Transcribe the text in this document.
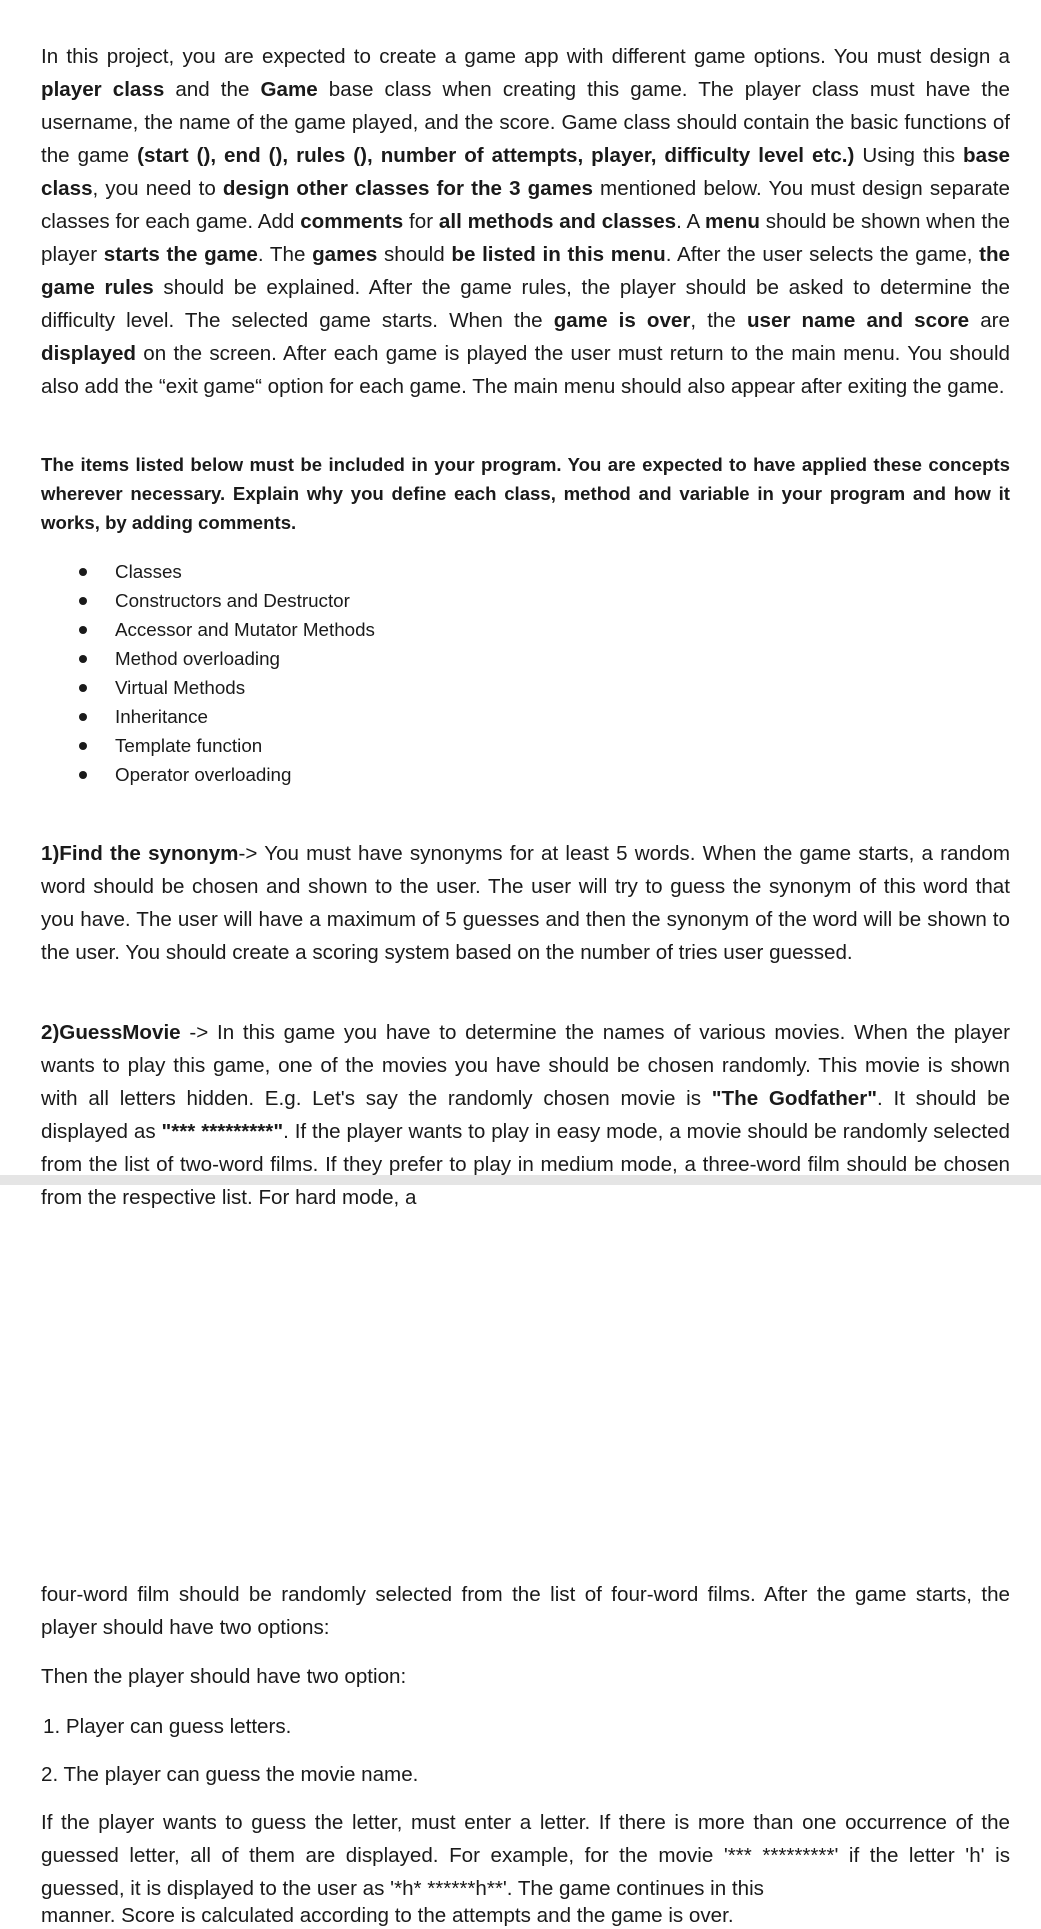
In this project, you are expected to create a game app with different game options. You must design a player class and the Game base class when creating this game. The player class must have the username, the name of the game played, and the score. Game class should contain the basic functions of the game (start (), end (), rules (), number of attempts, player, difficulty level etc.) Using this base class, you need to design other classes for the 3 games mentioned below. You must design separate classes for each game. Add comments for all methods and classes. A menu should be shown when the player starts the game. The games should be listed in this menu. After the user selects the game, the game rules should be explained. After the game rules, the player should be asked to determine the difficulty level. The selected game starts. When the game is over, the user name and score are displayed on the screen. After each game is played the user must return to the main menu. You should also add the “exit game“ option for each game. The main menu should also appear after exiting the game.

The items listed below must be included in your program. You are expected to have applied these concepts wherever necessary. Explain why you define each class, method and variable in your program and how it works, by adding comments.

Classes
Constructors and Destructor
Accessor and Mutator Methods
Method overloading
Virtual Methods
Inheritance
Template function
Operator overloading

1)Find the synonym-> You must have synonyms for at least 5 words. When the game starts, a random word should be chosen and shown to the user. The user will try to guess the synonym of this word that you have. The user will have a maximum of 5 guesses and then the synonym of the word will be shown to the user. You should create a scoring system based on the number of tries user guessed.

2)GuessMovie -> In this game you have to determine the names of various movies. When the player wants to play this game, one of the movies you have should be chosen randomly. This movie is shown with all letters hidden. E.g. Let's say the randomly chosen movie is "The Godfather". It should be displayed as "*** *********". If the player wants to play in easy mode, a movie should be randomly selected from the list of two-word films. If they prefer to play in medium mode, a three-word film should be chosen from the respective list. For hard mode, a

four-word film should be randomly selected from the list of four-word films. After the game starts, the player should have two options:

Then the player should have two option:

1. Player can guess letters.

2. The player can guess the movie name.

If the player wants to guess the letter, must enter a letter. If there is more than one occurrence of the guessed letter, all of them are displayed. For example, for the movie '*** *********' if the letter 'h' is guessed, it is displayed to the user as '*h* ******h**'. The game continues in this

manner. Score is calculated according to the attempts and the game is over.
